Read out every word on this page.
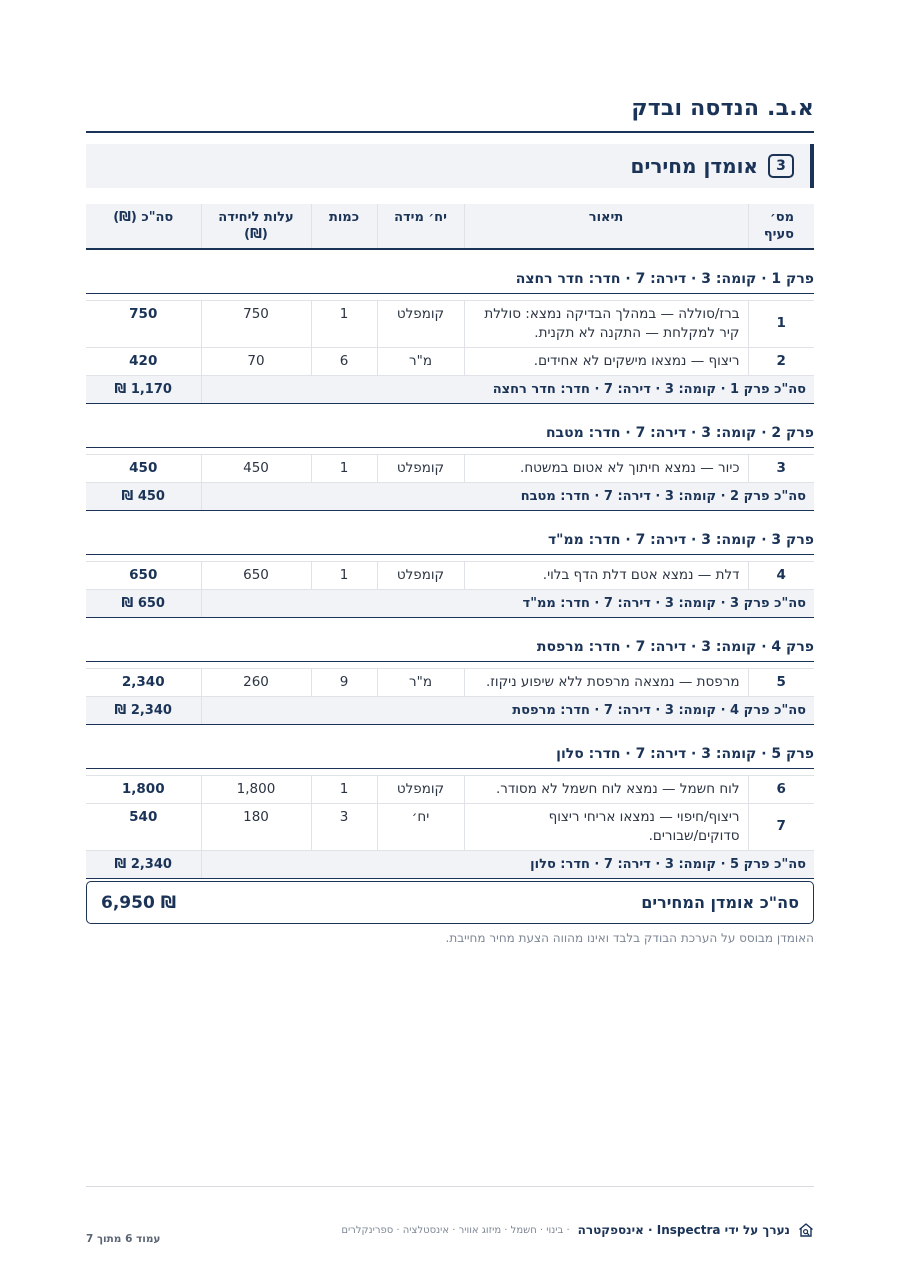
א.ב. הנדסה ובדק
3
אומדן מחירים
מס׳ סעיף	תיאור	יח׳ מידה	כמות	עלות ליחידה (₪)	סה"כ (₪)
פרק 1 · קומה: 3 · דירה: 7 · חדר: חדר רחצה					

1	ברז/סוללה — במהלך הבדיקה נמצא: סוללת קיר למקלחת — התקנה לא תקנית.	קומפלט	1	750	750
2	ריצוף — נמצאו מישקים לא אחידים.	מ"ר	6	70	420
סה"כ פרק 1 · קומה: 3 · דירה: 7 · חדר: חדר רחצה					1,170 ₪
פרק 2 · קומה: 3 · דירה: 7 · חדר: מטבח					

3	כיור — נמצא חיתוך לא אטום במשטח.	קומפלט	1	450	450
סה"כ פרק 2 · קומה: 3 · דירה: 7 · חדר: מטבח					450 ₪
פרק 3 · קומה: 3 · דירה: 7 · חדר: ממ"ד					

4	דלת — נמצא אטם דלת הדף בלוי.	קומפלט	1	650	650
סה"כ פרק 3 · קומה: 3 · דירה: 7 · חדר: ממ"ד					650 ₪
פרק 4 · קומה: 3 · דירה: 7 · חדר: מרפסת					

5	מרפסת — נמצאה מרפסת ללא שיפוע ניקוז.	מ"ר	9	260	2,340
סה"כ פרק 4 · קומה: 3 · דירה: 7 · חדר: מרפסת					2,340 ₪
פרק 5 · קומה: 3 · דירה: 7 · חדר: סלון					

6	לוח חשמל — נמצא לוח חשמל לא מסודר.	קומפלט	1	1,800	1,800
7	ריצוף/חיפוי — נמצאו אריחי ריצוף סדוקים/שבורים.	יח׳	3	180	540
סה"כ פרק 5 · קומה: 3 · דירה: 7 · חדר: סלון					2,340 ₪
סה"כ אומדן המחירים
6,950 ₪
האומדן מבוסס על הערכת הבודק בלבד ואינו מהווה הצעת מחיר מחייבת.
נערך על ידי Inspectra · אינספקטרה
· בינוי · חשמל · מיזוג אוויר · אינסטלציה · ספרינקלרים
עמוד 6 מתוך 7
